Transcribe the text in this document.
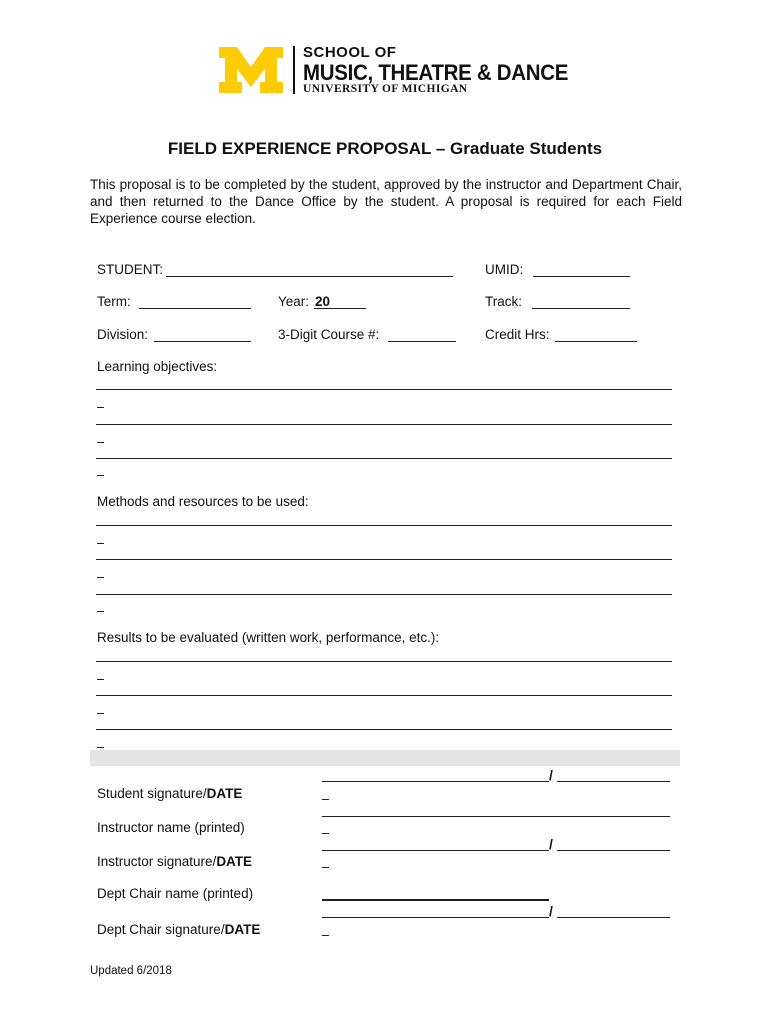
SCHOOL OF
MUSIC, THEATRE & DANCE
UNIVERSITY OF MICHIGAN
FIELD EXPERIENCE PROPOSAL – Graduate Students
This proposal is to be completed by the student, approved by the instructor and Department Chair, and then returned to the Dance Office by the student. A proposal is required for each Field Experience course election.
STUDENT:	UMID:
Term:	Year: 20	Track:
Division:	3-Digit Course #:	Credit Hrs:
Learning objectives:
Methods and resources to be used:
Results to be evaluated (written work, performance, etc.):
Student signature/DATE
/
Instructor name (printed)
Instructor signature/DATE
/
Dept Chair name (printed)
Dept Chair signature/DATE
/
Updated 6/2018
